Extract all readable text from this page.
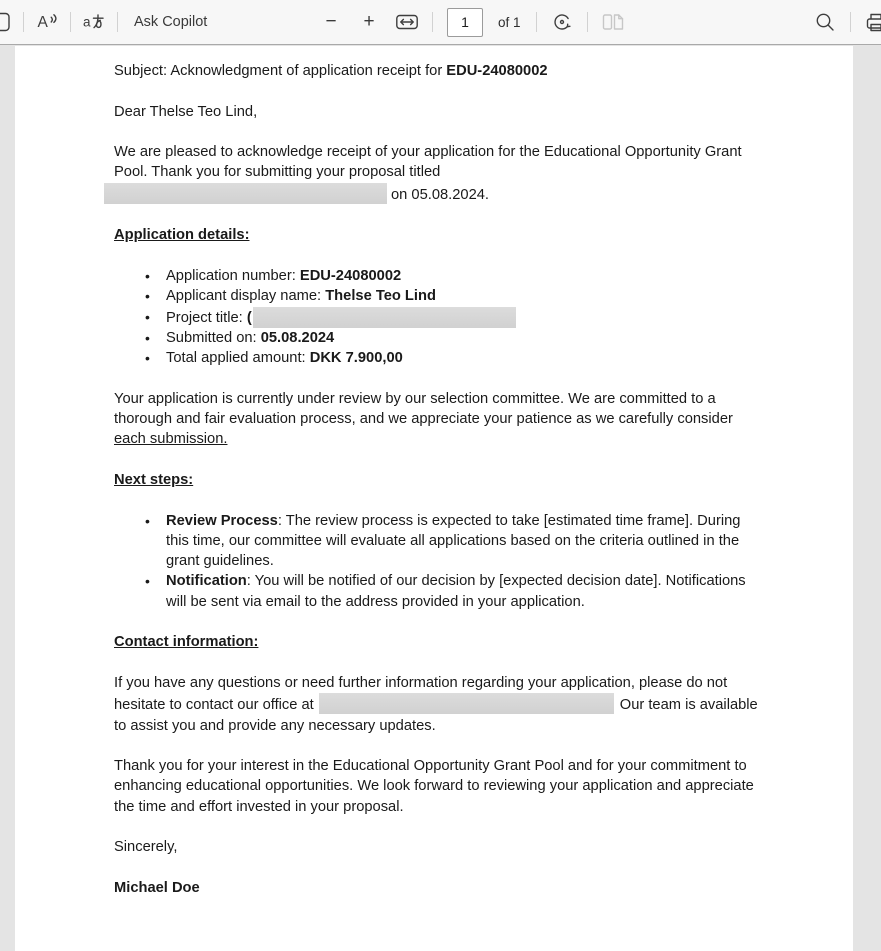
A	a	Ask Copilot	−	+
1	of 1

Subject: Acknowledgment of application receipt for EDU-24080002

Dear Thelse Teo Lind,

We are pleased to acknowledge receipt of your application for the Educational Opportunity Grant Pool. Thank you for submitting your proposal titled
on 05.08.2024.

Application details:

• Application number: EDU-24080002
• Applicant display name: Thelse Teo Lind
• Project title: (
• Submitted on: 05.08.2024
• Total applied amount: DKK 7.900,00

Your application is currently under review by our selection committee. We are committed to a thorough and fair evaluation process, and we appreciate your patience as we carefully consider each submission.

Next steps:

• Review Process: The review process is expected to take [estimated time frame]. During this time, our committee will evaluate all applications based on the criteria outlined in the grant guidelines.
• Notification: You will be notified of our decision by [expected decision date]. Notifications will be sent via email to the address provided in your application.

Contact information:

If you have any questions or need further information regarding your application, please do not hesitate to contact our office at	Our team is available to assist you and provide any necessary updates.

Thank you for your interest in the Educational Opportunity Grant Pool and for your commitment to enhancing educational opportunities. We look forward to reviewing your application and appreciate the time and effort invested in your proposal.

Sincerely,

Michael Doe
